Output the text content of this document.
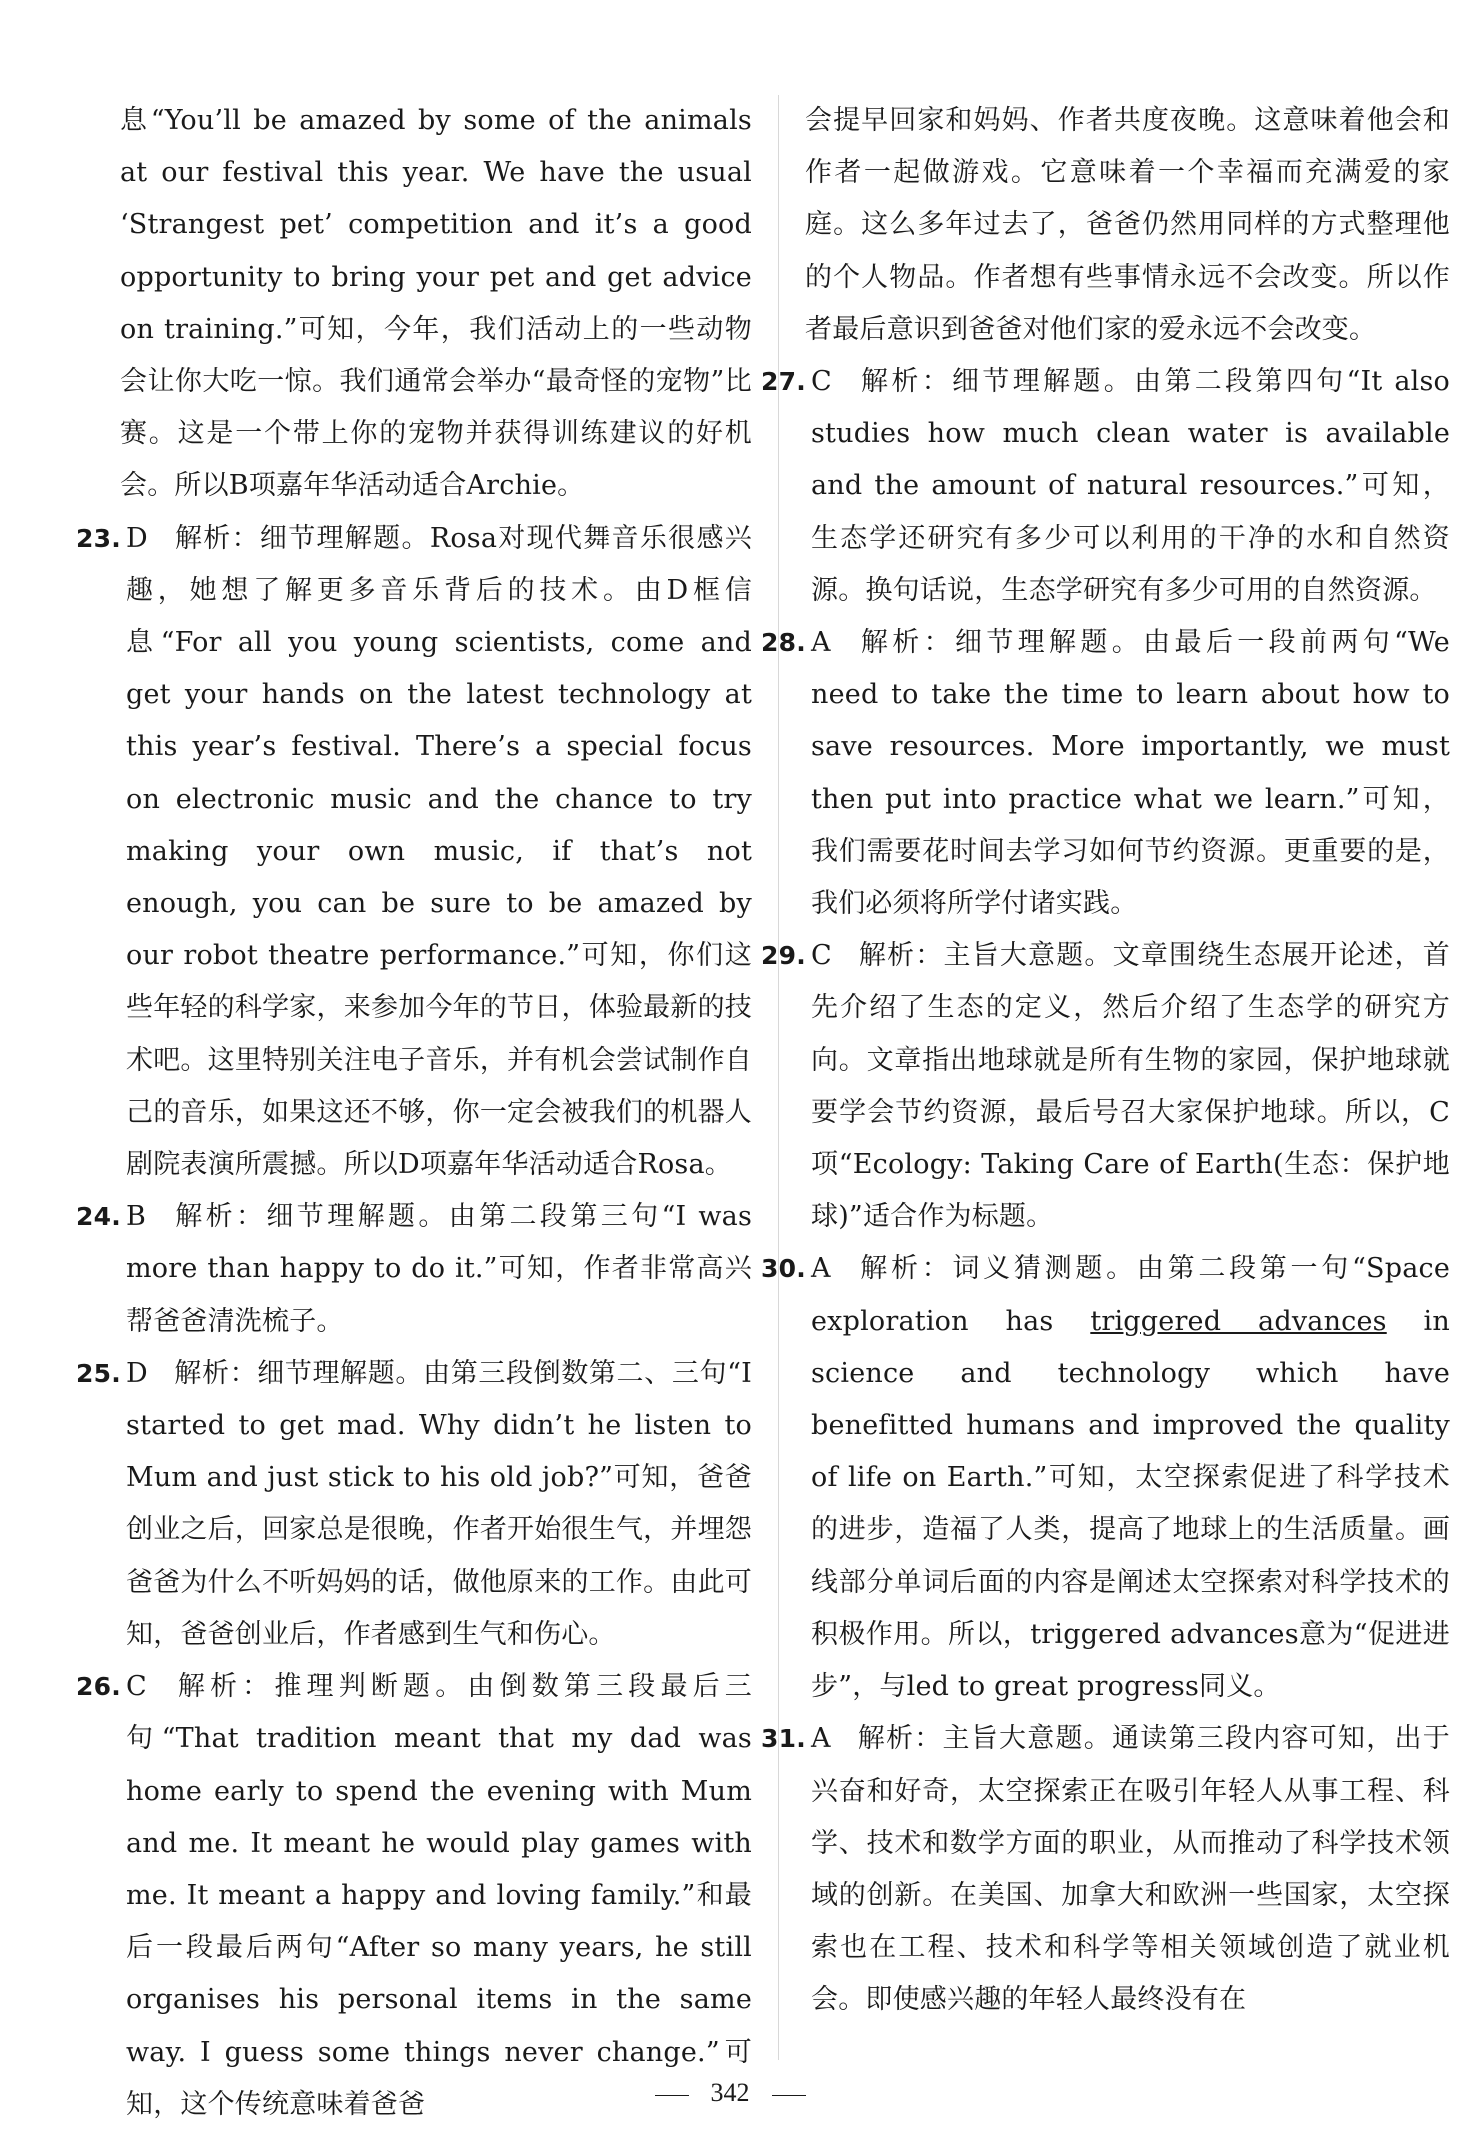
息“You’ll be amazed by some of the animals at our festival this year. We have the usual ‘Strangest pet’ competition and it’s a good opportunity to bring your pet and get advice on training.”可知，今年，我们活动上的一些动物会让你大吃一惊。我们通常会举办“最奇怪的宠物”比赛。这是一个带上你的宠物并获得训练建议的好机会。所以B项嘉年华活动适合Archie。

23. D 解析：细节理解题。Rosa对现代舞音乐很感兴趣，她想了解更多音乐背后的技术。由D框信息“For all you young scientists, come and get your hands on the latest technology at this year’s festival. There’s a special focus on electronic music and the chance to try making your own music, if that’s not enough, you can be sure to be amazed by our robot theatre performance.”可知，你们这些年轻的科学家，来参加今年的节日，体验最新的技术吧。这里特别关注电子音乐，并有机会尝试制作自己的音乐，如果这还不够，你一定会被我们的机器人剧院表演所震撼。所以D项嘉年华活动适合Rosa。
24. B 解析：细节理解题。由第二段第三句“I was more than happy to do it.”可知，作者非常高兴帮爸爸清洗梳子。
25. D 解析：细节理解题。由第三段倒数第二、三句“I started to get mad. Why didn’t he listen to Mum and just stick to his old job?”可知，爸爸创业之后，回家总是很晚，作者开始很生气，并埋怨爸爸为什么不听妈妈的话，做他原来的工作。由此可知，爸爸创业后，作者感到生气和伤心。
26. C 解析：推理判断题。由倒数第三段最后三句“That tradition meant that my dad was home early to spend the evening with Mum and me. It meant he would play games with me. It meant a happy and loving family.”和最后一段最后两句“After so many years, he still organises his personal items in the same way. I guess some things never change.”可知，这个传统意味着爸爸

会提早回家和妈妈、作者共度夜晚。这意味着他会和作者一起做游戏。它意味着一个幸福而充满爱的家庭。这么多年过去了，爸爸仍然用同样的方式整理他的个人物品。作者想有些事情永远不会改变。所以作者最后意识到爸爸对他们家的爱永远不会改变。

27. C 解析：细节理解题。由第二段第四句“It also studies how much clean water is available and the amount of natural resources.”可知，生态学还研究有多少可以利用的干净的水和自然资源。换句话说，生态学研究有多少可用的自然资源。
28. A 解析：细节理解题。由最后一段前两句“We need to take the time to learn about how to save resources. More importantly, we must then put into practice what we learn.”可知，我们需要花时间去学习如何节约资源。更重要的是，我们必须将所学付诸实践。
29. C 解析：主旨大意题。文章围绕生态展开论述，首先介绍了生态的定义，然后介绍了生态学的研究方向。文章指出地球就是所有生物的家园，保护地球就要学会节约资源，最后号召大家保护地球。所以，C项“Ecology: Taking Care of Earth(生态：保护地球)”适合作为标题。
30. A 解析：词义猜测题。由第二段第一句“Space exploration has triggered advances in science and technology which have benefitted humans and improved the quality of life on Earth.”可知，太空探索促进了科学技术的进步，造福了人类，提高了地球上的生活质量。画线部分单词后面的内容是阐述太空探索对科学技术的积极作用。所以，triggered advances意为“促进进步”，与led to great progress同义。
31. A 解析：主旨大意题。通读第三段内容可知，出于兴奋和好奇，太空探索正在吸引年轻人从事工程、科学、技术和数学方面的职业，从而推动了科学技术领域的创新。在美国、加拿大和欧洲一些国家，太空探索也在工程、技术和科学等相关领域创造了就业机会。即使感兴趣的年轻人最终没有在
342
